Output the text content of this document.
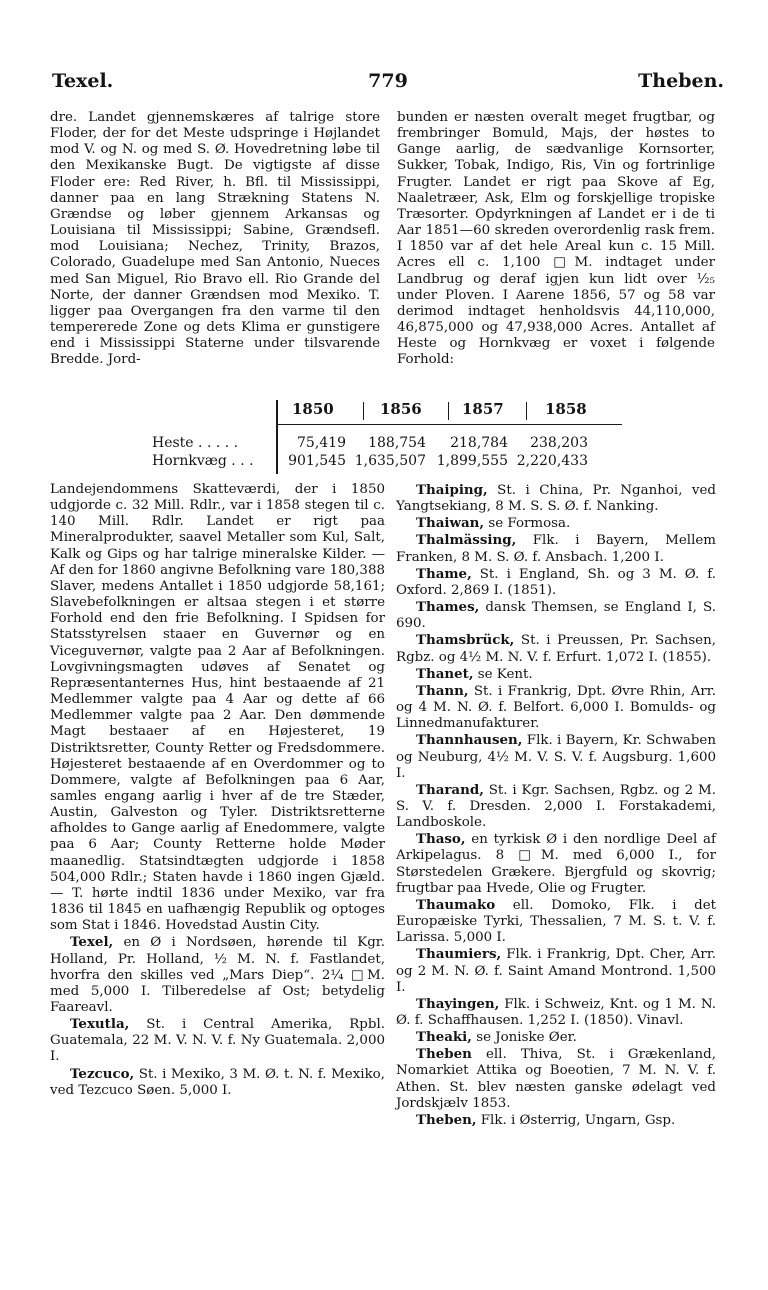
Texel.	779	Theben.

dre. Landet gjennemskæres af talrige store Floder, der for det Meste udspringe i Højlandet mod V. og N. og med S. Ø. Hovedretning løbe til den Mexikanske Bugt. De vigtigste af disse Floder ere: Red River, h. Bfl. til Mississippi, danner paa en lang Strækning Statens N. Grændse og løber gjennem Arkansas og Louisiana til Mississippi; Sabine, Grændsefl. mod Louisiana; Nechez, Trinity, Brazos, Colorado, Guadelupe med San Antonio, Nueces med San Miguel, Rio Bravo ell. Rio Grande del Norte, der danner Grændsen mod Mexiko. T. ligger paa Overgangen fra den varme til den tempererede Zone og dets Klima er gunstigere end i Mississippi Staterne under tilsvarende Bredde. Jord-

bunden er næsten overalt meget frugtbar, og frembringer Bomuld, Majs, der høstes to Gange aarlig, de sædvanlige Kornsorter, Sukker, Tobak, Indigo, Ris, Vin og fortrinlige Frugter. Landet er rigt paa Skove af Eg, Naaletræer, Ask, Elm og forskjellige tropiske Træsorter. Opdyrkningen af Landet er i de ti Aar 1851—60 skreden overordenlig rask frem. I 1850 var af det hele Areal kun c. 15 Mill. Acres ell c. 1,100 □M. indtaget under Landbrug og deraf igjen kun lidt over ¹⁄₂₅ under Ploven. I Aarene 1856, 57 og 58 var derimod indtaget henholdsvis 44,110,000, 46,875,000 og 47,938,000 Acres. Antallet af Heste og Hornkvæg er voxet i følgende Forhold:

1850	1856	1857	1858
Heste . . . . .	75,419 188,754 218,784 238,203
Hornkvæg . . . 901,545 1,635,507 1,899,555 2,220,433

Landejendommens Skatteværdi, der i 1850 udgjorde c. 32 Mill. Rdlr., var i 1858 stegen til c. 140 Mill. Rdlr. Landet er rigt paa Mineralprodukter, saavel Metaller som Kul, Salt, Kalk og Gips og har talrige mineralske Kilder. — Af den for 1860 angivne Befolkning vare 180,388 Slaver, medens Antallet i 1850 udgjorde 58,161; Slavebefolkningen er altsaa stegen i et større Forhold end den frie Befolkning. I Spidsen for Statsstyrelsen staaer en Guvernør og en Viceguvernør, valgte paa 2 Aar af Befolkningen. Lovgivningsmagten udøves af Senatet og Repræsentanternes Hus, hint bestaaende af 21 Medlemmer valgte paa 4 Aar og dette af 66 Medlemmer valgte paa 2 Aar. Den dømmende Magt bestaaer af en Højesteret, 19 Distriktsretter, County Retter og Fredsdommere. Højesteret bestaaende af en Overdommer og to Dommere, valgte af Befolkningen paa 6 Aar, samles engang aarlig i hver af de tre Stæder, Austin, Galveston og Tyler. Distriktsretterne afholdes to Gange aarlig af Enedommere, valgte paa 6 Aar; County Retterne holde Møder maanedlig. Statsindtægten udgjorde i 1858 504,000 Rdlr.; Staten havde i 1860 ingen Gjæld. — T. hørte indtil 1836 under Mexiko, var fra 1836 til 1845 en uafhængig Republik og optoges som Stat i 1846. Hovedstad Austin City.

Texel, en Ø i Nordsøen, hørende til Kgr. Holland, Pr. Holland, ½ M. N. f. Fastlandet, hvorfra den skilles ved „Mars Diep“. 2¼ □M. med 5,000 I. Tilberedelse af Ost; betydelig Faareavl.

Texutla, St. i Central Amerika, Rpbl. Guatemala, 22 M. V. N. V. f. Ny Guatemala. 2,000 I.

Tezcuco, St. i Mexiko, 3 M. Ø. t. N. f. Mexiko, ved Tezcuco Søen. 5,000 I.

Thaiping, St. i China, Pr. Nganhoi, ved Yangtsekiang, 8 M. S. S. Ø. f. Nanking.

Thaiwan, se Formosa.

Thalmässing, Flk. i Bayern, Mellem Franken, 8 M. S. Ø. f. Ansbach. 1,200 I.

Thame, St. i England, Sh. og 3 M. Ø. f. Oxford. 2,869 I. (1851).

Thames, dansk Themsen, se England I, S. 690.

Thamsbrück, St. i Preussen, Pr. Sachsen, Rgbz. og 4½ M. N. V. f. Erfurt. 1,072 I. (1855).

Thanet, se Kent.

Thann, St. i Frankrig, Dpt. Øvre Rhin, Arr. og 4 M. N. Ø. f. Belfort. 6,000 I. Bomulds- og Linnedmanufakturer.

Thannhausen, Flk. i Bayern, Kr. Schwaben og Neuburg, 4½ M. V. S. V. f. Augsburg. 1,600 I.

Tharand, St. i Kgr. Sachsen, Rgbz. og 2 M. S. V. f. Dresden. 2,000 I. Forstakademi, Landboskole.

Thaso, en tyrkisk Ø i den nordlige Deel af Arkipelagus. 8 □M. med 6,000 I., for Størstedelen Grækere. Bjergfuld og skovrig; frugtbar paa Hvede, Olie og Frugter.

Thaumako ell. Domoko, Flk. i det Europæiske Tyrki, Thessalien, 7 M. S. t. V. f. Larissa. 5,000 I.

Thaumiers, Flk. i Frankrig, Dpt. Cher, Arr. og 2 M. N. Ø. f. Saint Amand Montrond. 1,500 I.

Thayingen, Flk. i Schweiz, Knt. og 1 M. N. Ø. f. Schaffhausen. 1,252 I. (1850). Vinavl.

Theaki, se Joniske Øer.

Theben ell. Thiva, St. i Grækenland, Nomarkiet Attika og Boeotien, 7 M. N. V. f. Athen. St. blev næsten ganske ødelagt ved Jordskjælv 1853.

Theben, Flk. i Østerrig, Ungarn, Gsp.
